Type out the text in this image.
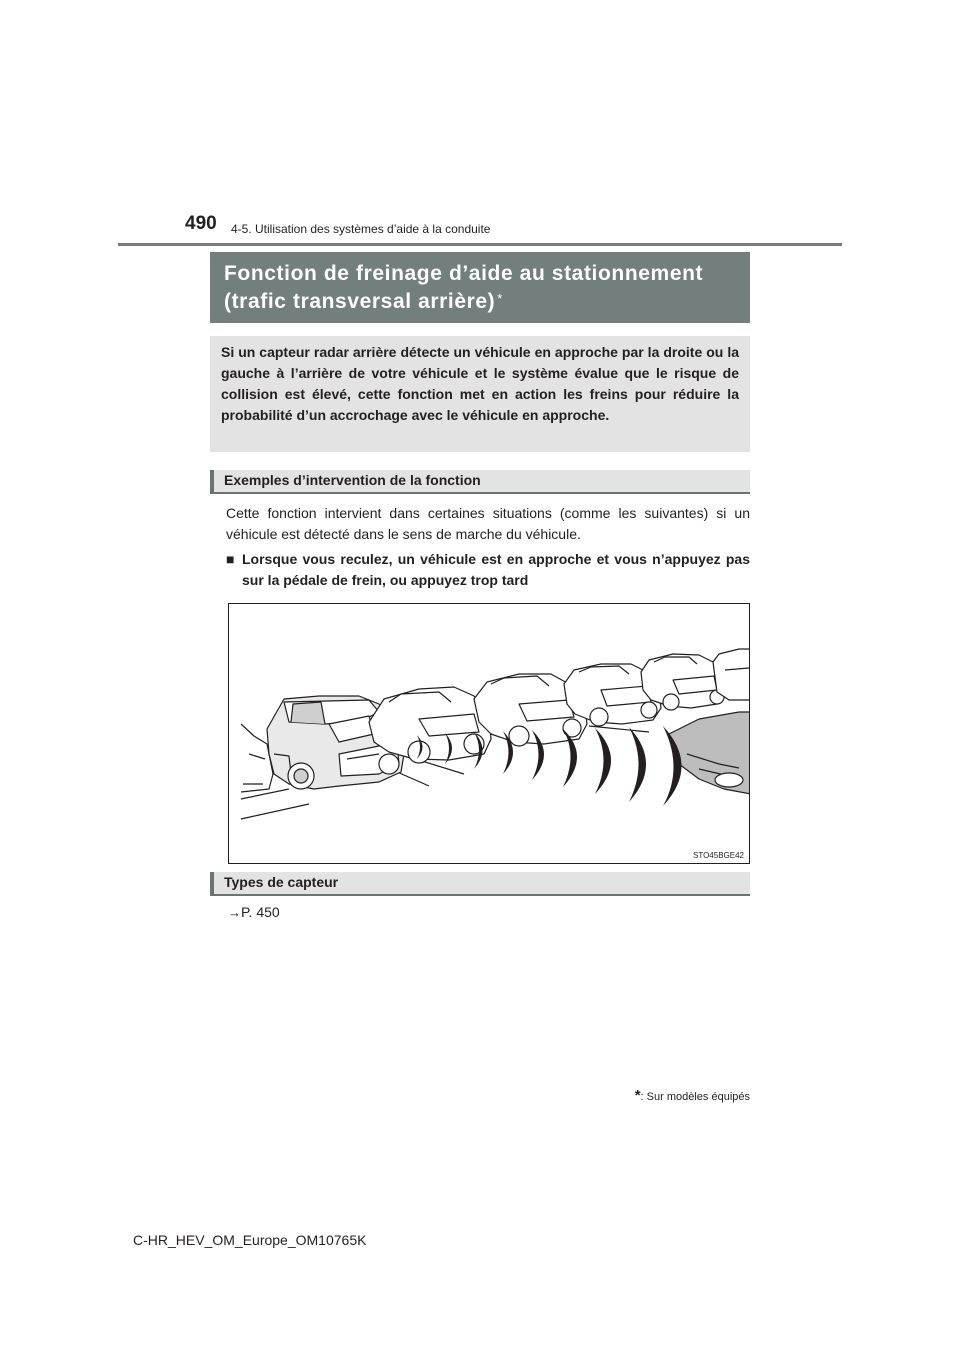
490 4-5. Utilisation des systèmes d’aide à la conduite
Fonction de freinage d’aide au stationnement
(trafic transversal arrière) *
Si un capteur radar arrière détecte un véhicule en approche par la droite ou la gauche à l’arrière de votre véhicule et le système évalue que le risque de collision est élevé, cette fonction met en action les freins pour réduire la probabilité d’un accrochage avec le véhicule en approche.
Exemples d’intervention de la fonction
Cette fonction intervient dans certaines situations (comme les suivantes) si un véhicule est détecté dans le sens de marche du véhicule.
■ Lorsque vous reculez, un véhicule est en approche et vous n’appuyez pas sur la pédale de frein, ou appuyez trop tard
STO45BGE42
Types de capteur
→P. 450
*: Sur modèles équipés
C-HR_HEV_OM_Europe_OM10765K
